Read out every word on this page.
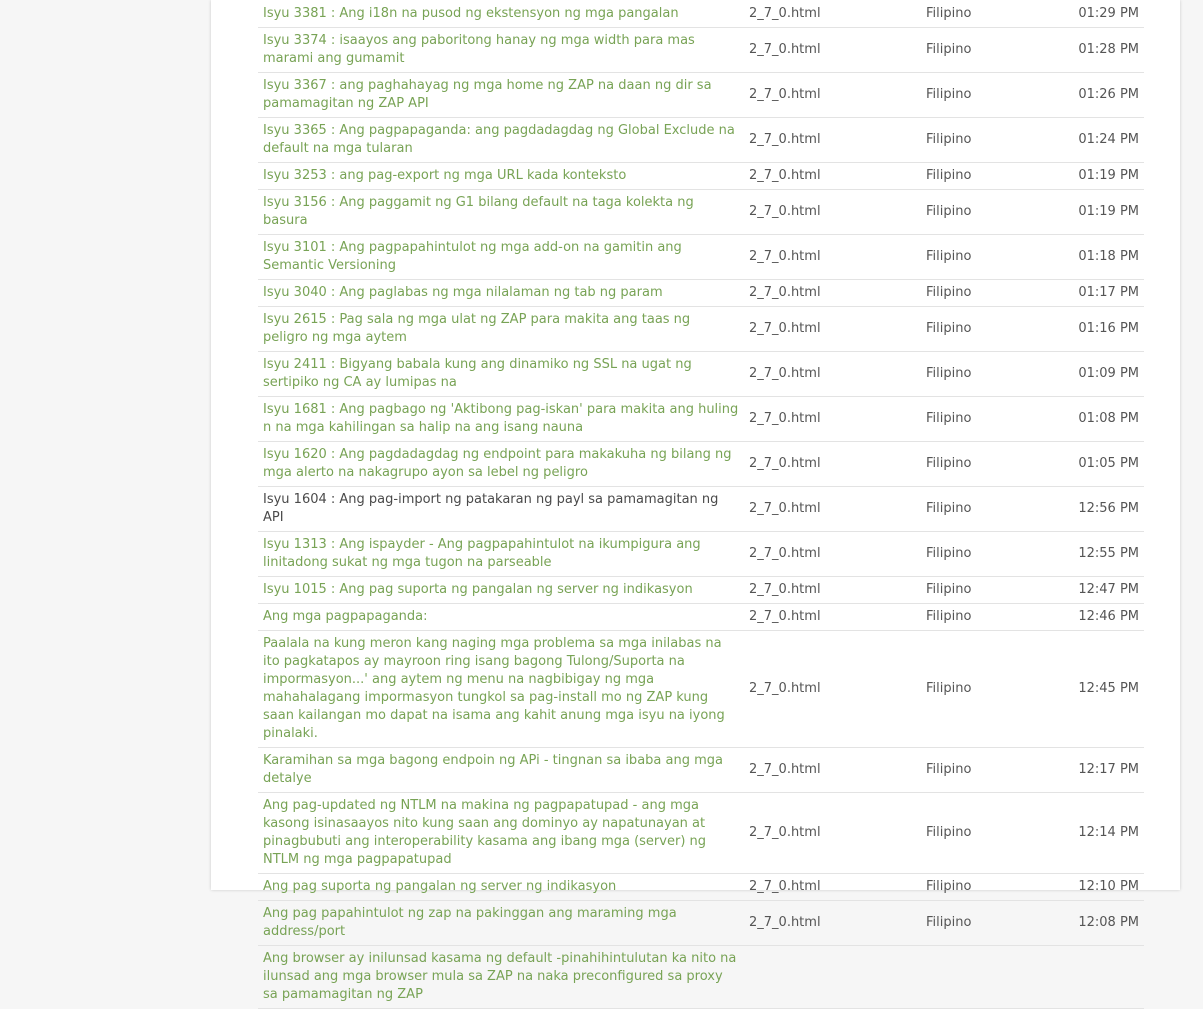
Isyu 3381 : Ang i18n na pusod ng ekstensyon ng mga pangalan	2_7_0.html	Filipino	01:29 PM
Isyu 3374 : isaayos ang paboritong hanay ng mga width para mas marami ang gumamit	2_7_0.html	Filipino	01:28 PM
Isyu 3367 : ang paghahayag ng mga home ng ZAP na daan ng dir sa pamamagitan ng ZAP API	2_7_0.html	Filipino	01:26 PM
Isyu 3365 : Ang pagpapaganda: ang pagdadagdag ng Global Exclude na default na mga tularan	2_7_0.html	Filipino	01:24 PM
Isyu 3253 : ang pag-export ng mga URL kada konteksto	2_7_0.html	Filipino	01:19 PM
Isyu 3156 : Ang paggamit ng G1 bilang default na taga kolekta ng basura	2_7_0.html	Filipino	01:19 PM
Isyu 3101 : Ang pagpapahintulot ng mga add-on na gamitin ang Semantic Versioning	2_7_0.html	Filipino	01:18 PM
Isyu 3040 : Ang paglabas ng mga nilalaman ng tab ng param	2_7_0.html	Filipino	01:17 PM
Isyu 2615 : Pag sala ng mga ulat ng ZAP para makita ang taas ng peligro ng mga aytem	2_7_0.html	Filipino	01:16 PM
Isyu 2411 : Bigyang babala kung ang dinamiko ng SSL na ugat ng sertipiko ng CA ay lumipas na	2_7_0.html	Filipino	01:09 PM
Isyu 1681 : Ang pagbago ng 'Aktibong pag-iskan' para makita ang huling n na mga kahilingan sa halip na ang isang nauna	2_7_0.html	Filipino	01:08 PM
Isyu 1620 : Ang pagdadagdag ng endpoint para makakuha ng bilang ng mga alerto na nakagrupo ayon sa lebel ng peligro	2_7_0.html	Filipino	01:05 PM
Isyu 1604 : Ang pag-import ng patakaran ng payl sa pamamagitan ng API	2_7_0.html	Filipino	12:56 PM
Isyu 1313 : Ang ispayder - Ang pagpapahintulot na ikumpigura ang linitadong sukat ng mga tugon na parseable	2_7_0.html	Filipino	12:55 PM
Isyu 1015 : Ang pag suporta ng pangalan ng server ng indikasyon	2_7_0.html	Filipino	12:47 PM
Ang mga pagpapaganda:	2_7_0.html	Filipino	12:46 PM
Paalala na kung meron kang naging mga problema sa mga inilabas na ito pagkatapos ay mayroon ring isang bagong Tulong/Suporta na impormasyon...' ang aytem ng menu na nagbibigay ng mga mahahalagang impormasyon tungkol sa pag-install mo ng ZAP kung saan kailangan mo dapat na isama ang kahit anung mga isyu na iyong pinalaki.	2_7_0.html	Filipino	12:45 PM
Karamihan sa mga bagong endpoin ng APi - tingnan sa ibaba ang mga detalye	2_7_0.html	Filipino	12:17 PM
Ang pag-updated ng NTLM na makina ng pagpapatupad - ang mga kasong isinasaayos nito kung saan ang dominyo ay napatunayan at pinagbubuti ang interoperability kasama ang ibang mga (server) ng NTLM ng mga pagpapatupad	2_7_0.html	Filipino	12:14 PM
Ang pag suporta ng pangalan ng server ng indikasyon	2_7_0.html	Filipino	12:10 PM
Ang pag papahintulot ng zap na pakinggan ang maraming mga address/port	2_7_0.html	Filipino	12:08 PM
Ang browser ay inilunsad kasama ng default -pinahihintulutan ka nito na ilunsad ang mga browser mula sa ZAP na naka preconfigured sa proxy sa pamamagitan ng ZAP			
